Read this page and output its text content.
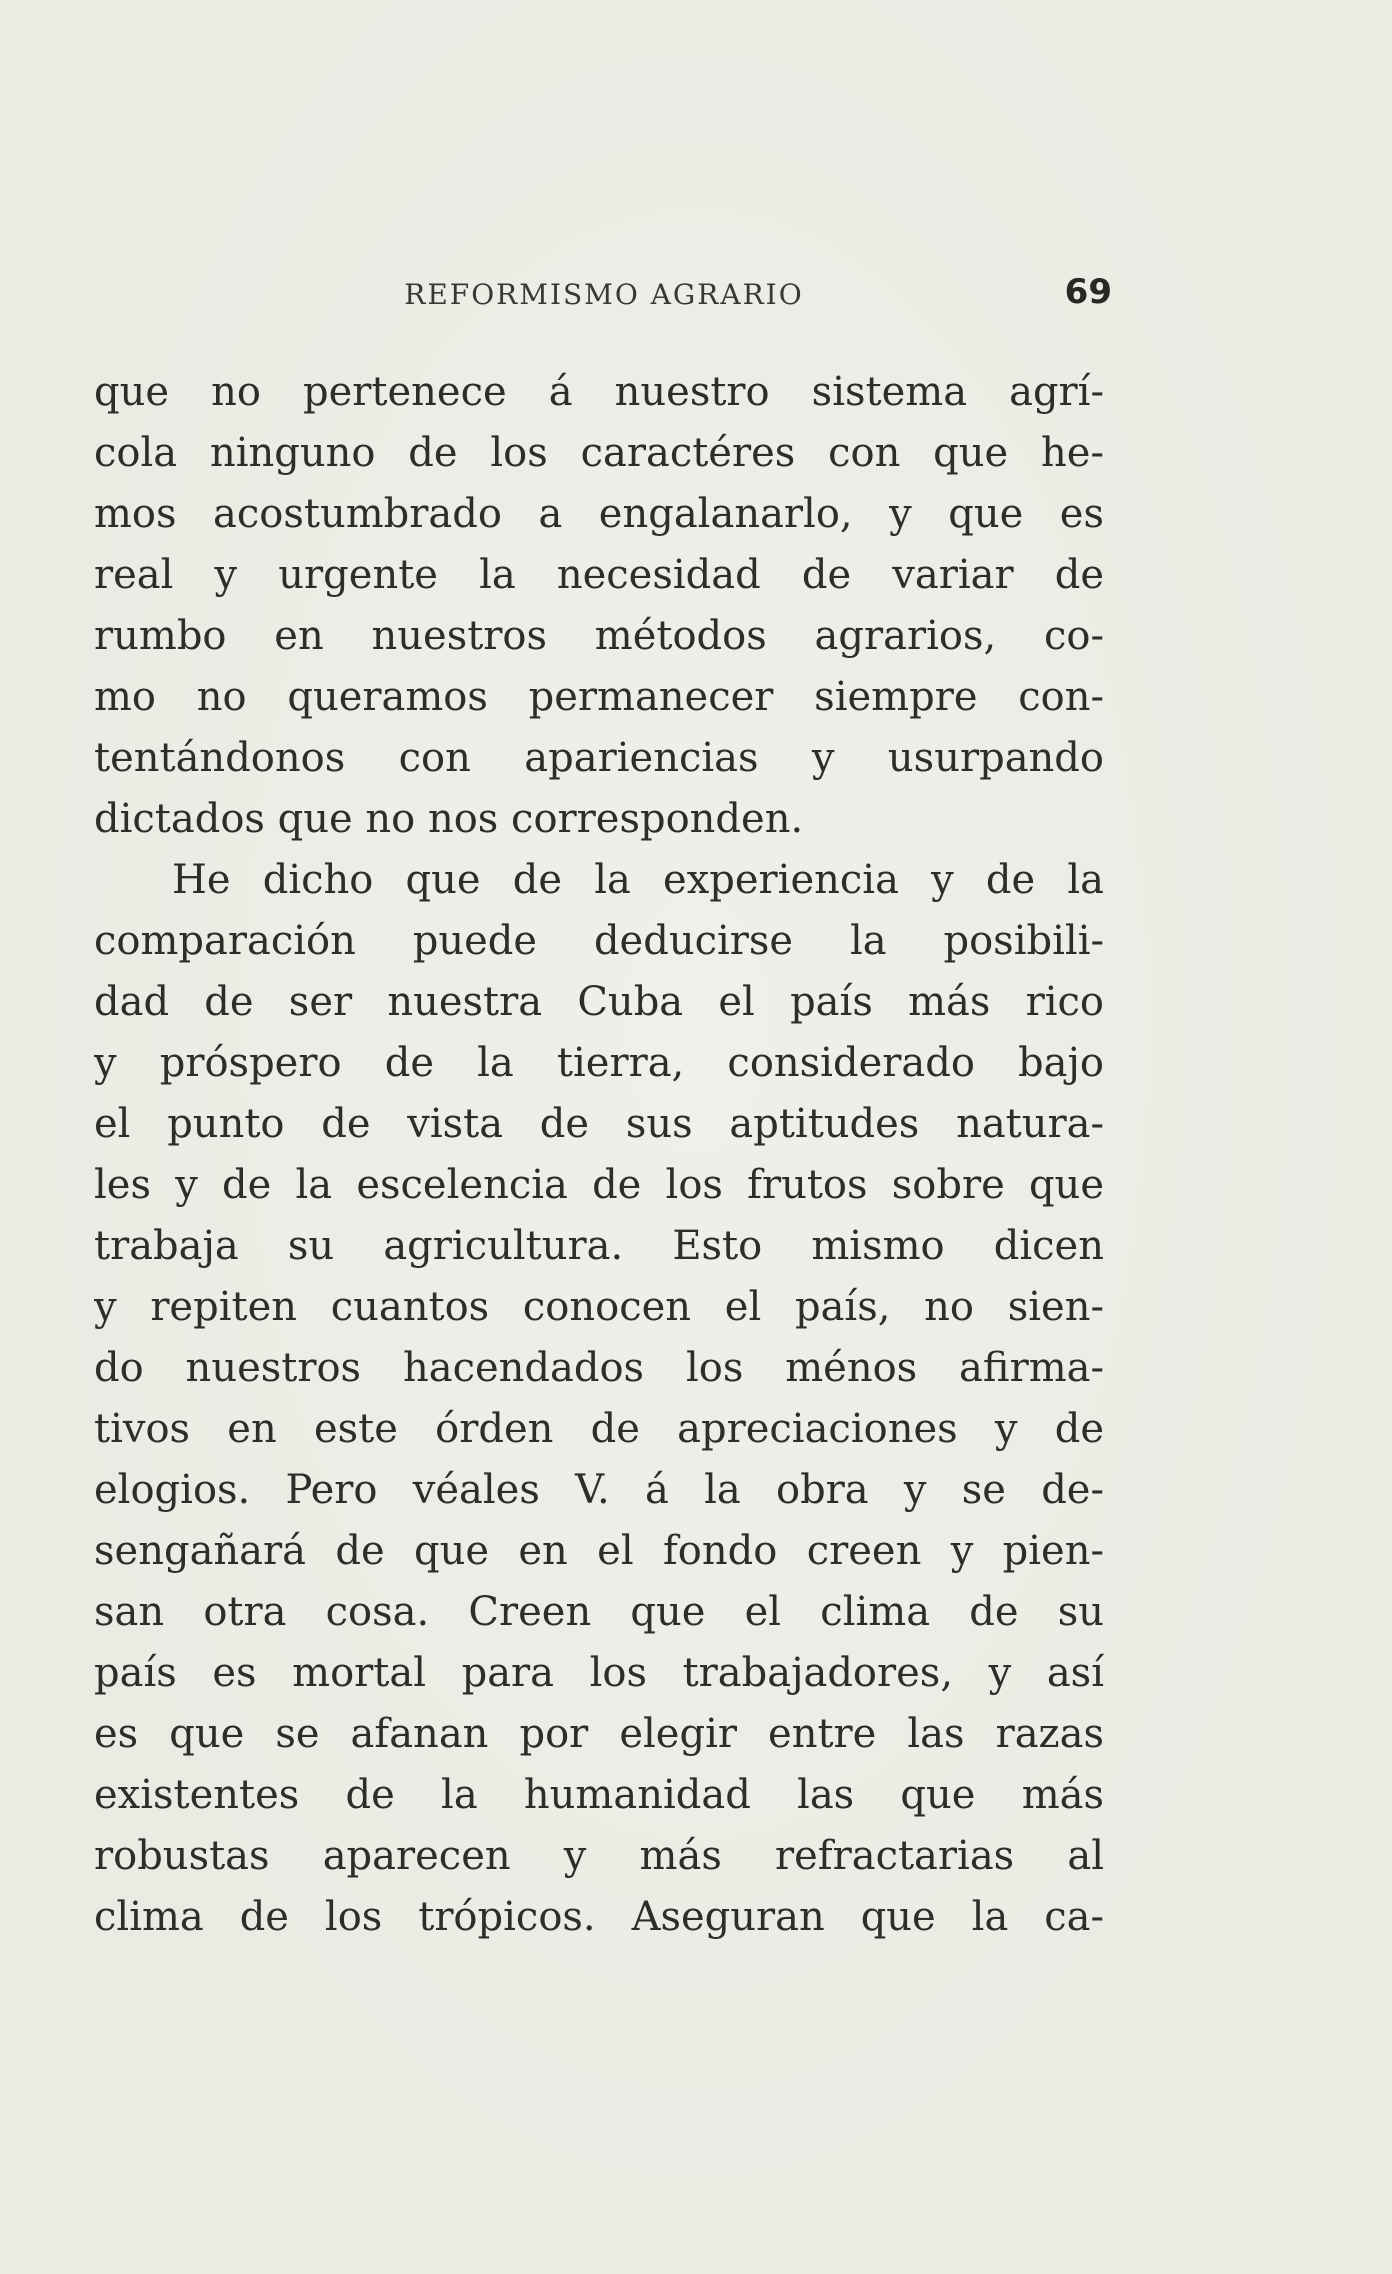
REFORMISMO AGRARIO	69
que no pertenece á nuestro sistema agrí-
cola ninguno de los caractéres con que he-
mos acostumbrado a engalanarlo, y que es
real y urgente la necesidad de variar de
rumbo en nuestros métodos agrarios, co-
mo no queramos permanecer siempre con-
tentándonos con apariencias y usurpando
dictados que no nos corresponden.
He dicho que de la experiencia y de la
comparación puede deducirse la posibili-
dad de ser nuestra Cuba el país más rico
y próspero de la tierra, considerado bajo
el punto de vista de sus aptitudes natura-
les y de la escelencia de los frutos sobre que
trabaja su agricultura. Esto mismo dicen
y repiten cuantos conocen el país, no sien-
do nuestros hacendados los ménos afirma-
tivos en este órden de apreciaciones y de
elogios. Pero véales V. á la obra y se de-
sengañará de que en el fondo creen y pien-
san otra cosa. Creen que el clima de su
país es mortal para los trabajadores, y así
es que se afanan por elegir entre las razas
existentes de la humanidad las que más
robustas aparecen y más refractarias al
clima de los trópicos. Aseguran que la ca-
